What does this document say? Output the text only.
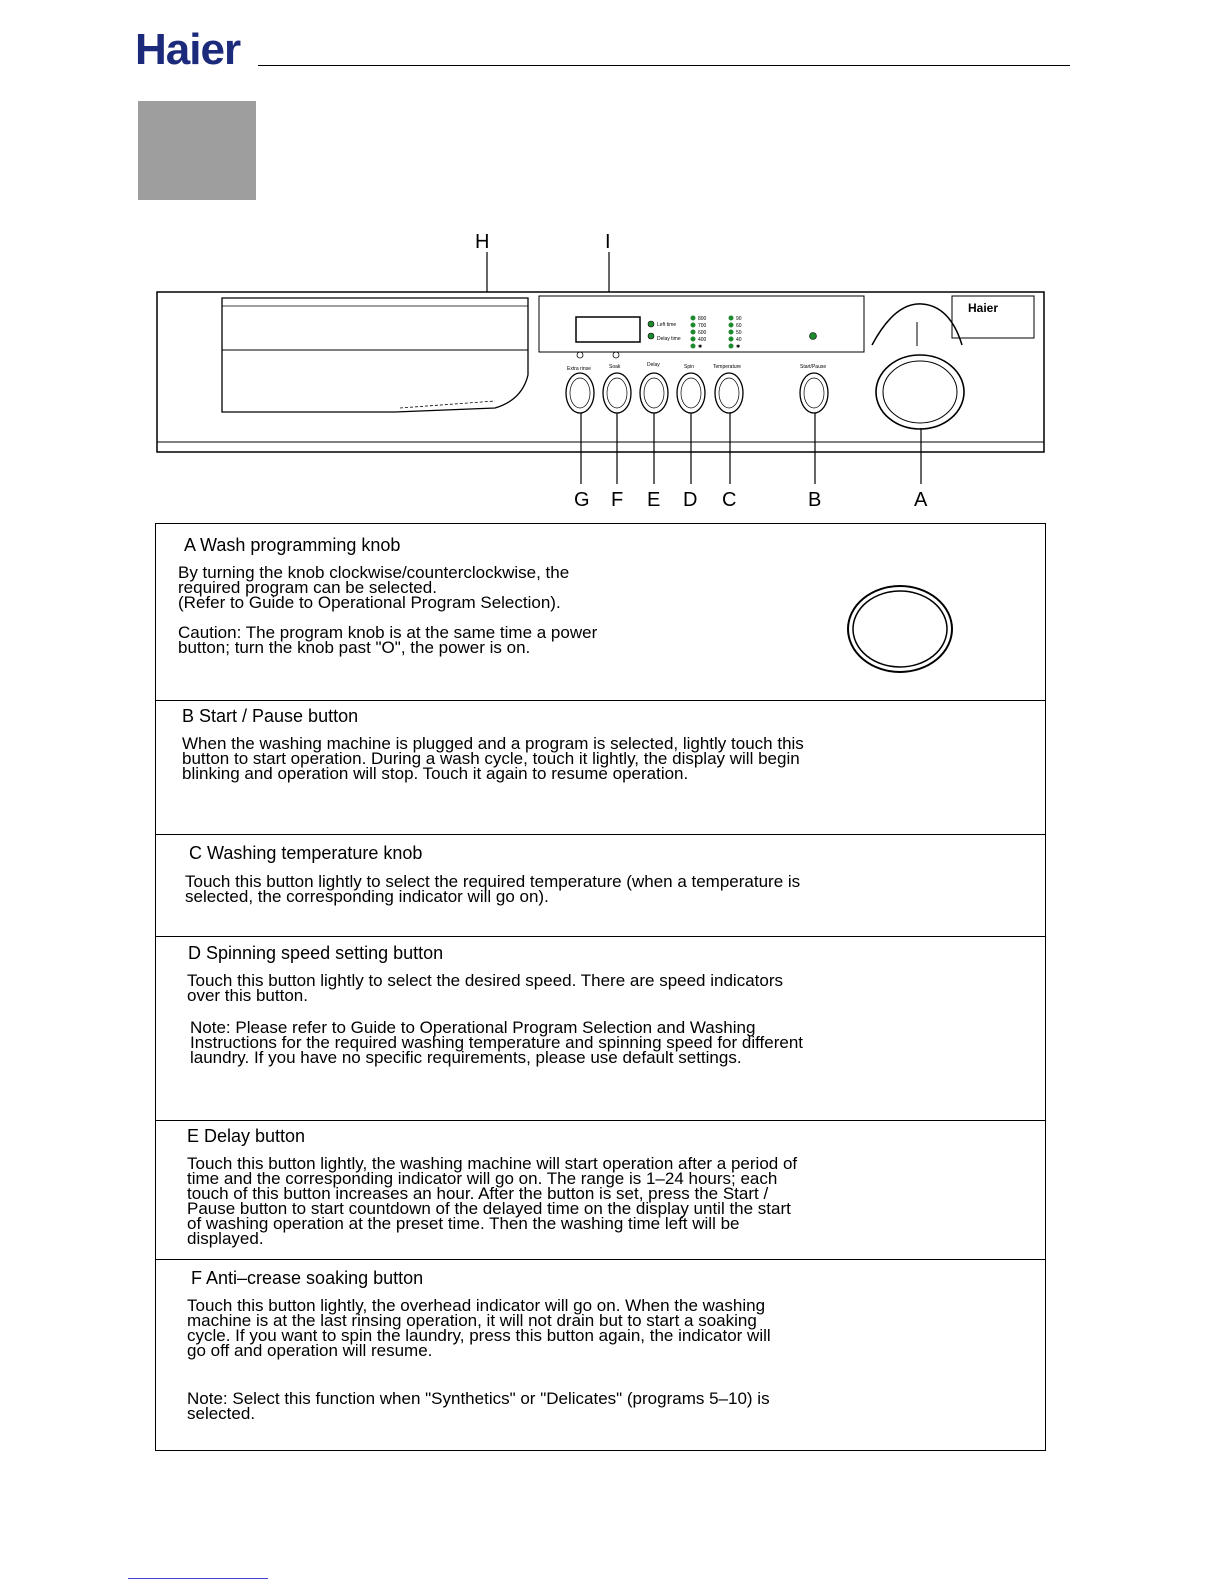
Haier
H	I
Left time
Delay time
800
700
600
400
✱
90
60
50
40
✱
Haier
Extra rinse	Soak	Delay	Spin	Temperature	Start/Pause
G F E D C	B	A
A Wash programming knob
By turning the knob clockwise/counterclockwise, the
required program can be selected.
(Refer to Guide to Operational Program Selection).
Caution: The program knob is at the same time a power
button; turn the knob past "O", the power is on.
B Start / Pause button
When the washing machine is plugged and a program is selected, lightly touch this
button to start operation. During a wash cycle, touch it lightly, the display will begin
blinking and operation will stop. Touch it again to resume operation.
C Washing temperature knob
Touch this button lightly to select the required temperature (when a temperature is
selected, the corresponding indicator will go on).
D Spinning speed setting button
Touch this button lightly to select the desired speed. There are speed indicators
over this button.
Note: Please refer to Guide to Operational Program Selection and Washing
Instructions for the required washing temperature and spinning speed for different
laundry. If you have no specific requirements, please use default settings.
E Delay button
Touch this button lightly, the washing machine will start operation after a period of
time and the corresponding indicator will go on. The range is 1–24 hours; each
touch of this button increases an hour. After the button is set, press the Start /
Pause button to start countdown of the delayed time on the display until the start
of washing operation at the preset time. Then the washing time left will be
displayed.
F Anti–crease soaking button
Touch this button lightly, the overhead indicator will go on. When the washing
machine is at the last rinsing operation, it will not drain but to start a soaking
cycle. If you want to spin the laundry, press this button again, the indicator will
go off and operation will resume.
Note: Select this function when "Synthetics" or "Delicates" (programs 5–10) is
selected.
